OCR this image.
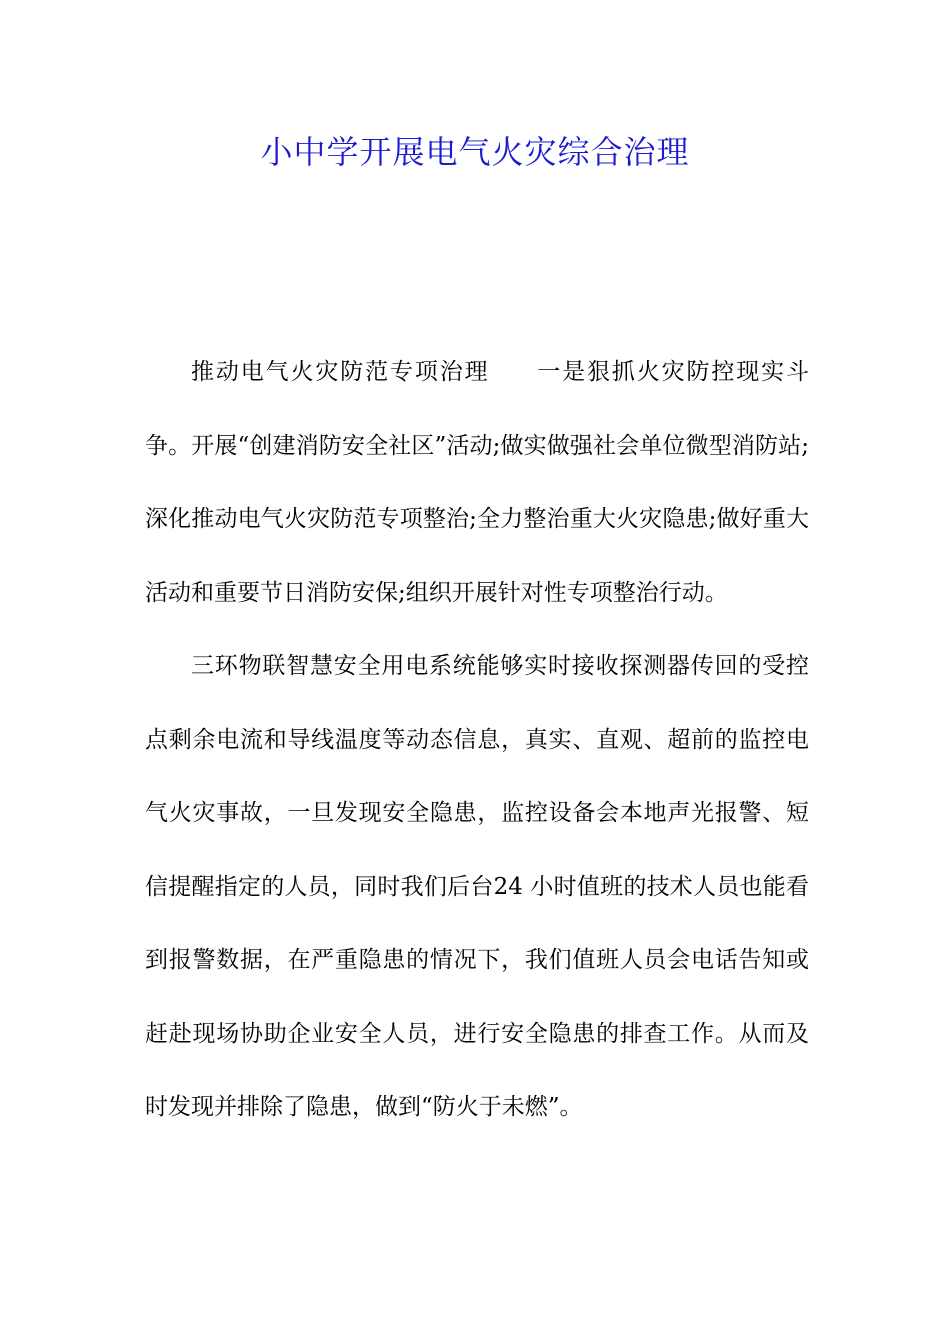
小中学开展电气火灾综合治理

推动电气火灾防范专项治理 一是狠抓火灾防控现实斗争。开展“创建消防安全社区”活动;做实做强社会单位微型消防站;深化推动电气火灾防范专项整治;全力整治重大火灾隐患;做好重大活动和重要节日消防安保;组织开展针对性专项整治行动。

三环物联智慧安全用电系统能够实时接收探测器传回的受控点剩余电流和导线温度等动态信息，真实、直观、超前的监控电气火灾事故，一旦发现安全隐患，监控设备会本地声光报警、短信提醒指定的人员，同时我们后台24 小时值班的技术人员也能看到报警数据，在严重隐患的情况下，我们值班人员会电话告知或赶赴现场协助企业安全人员，进行安全隐患的排查工作。从而及时发现并排除了隐患，做到“防火于未燃”。
